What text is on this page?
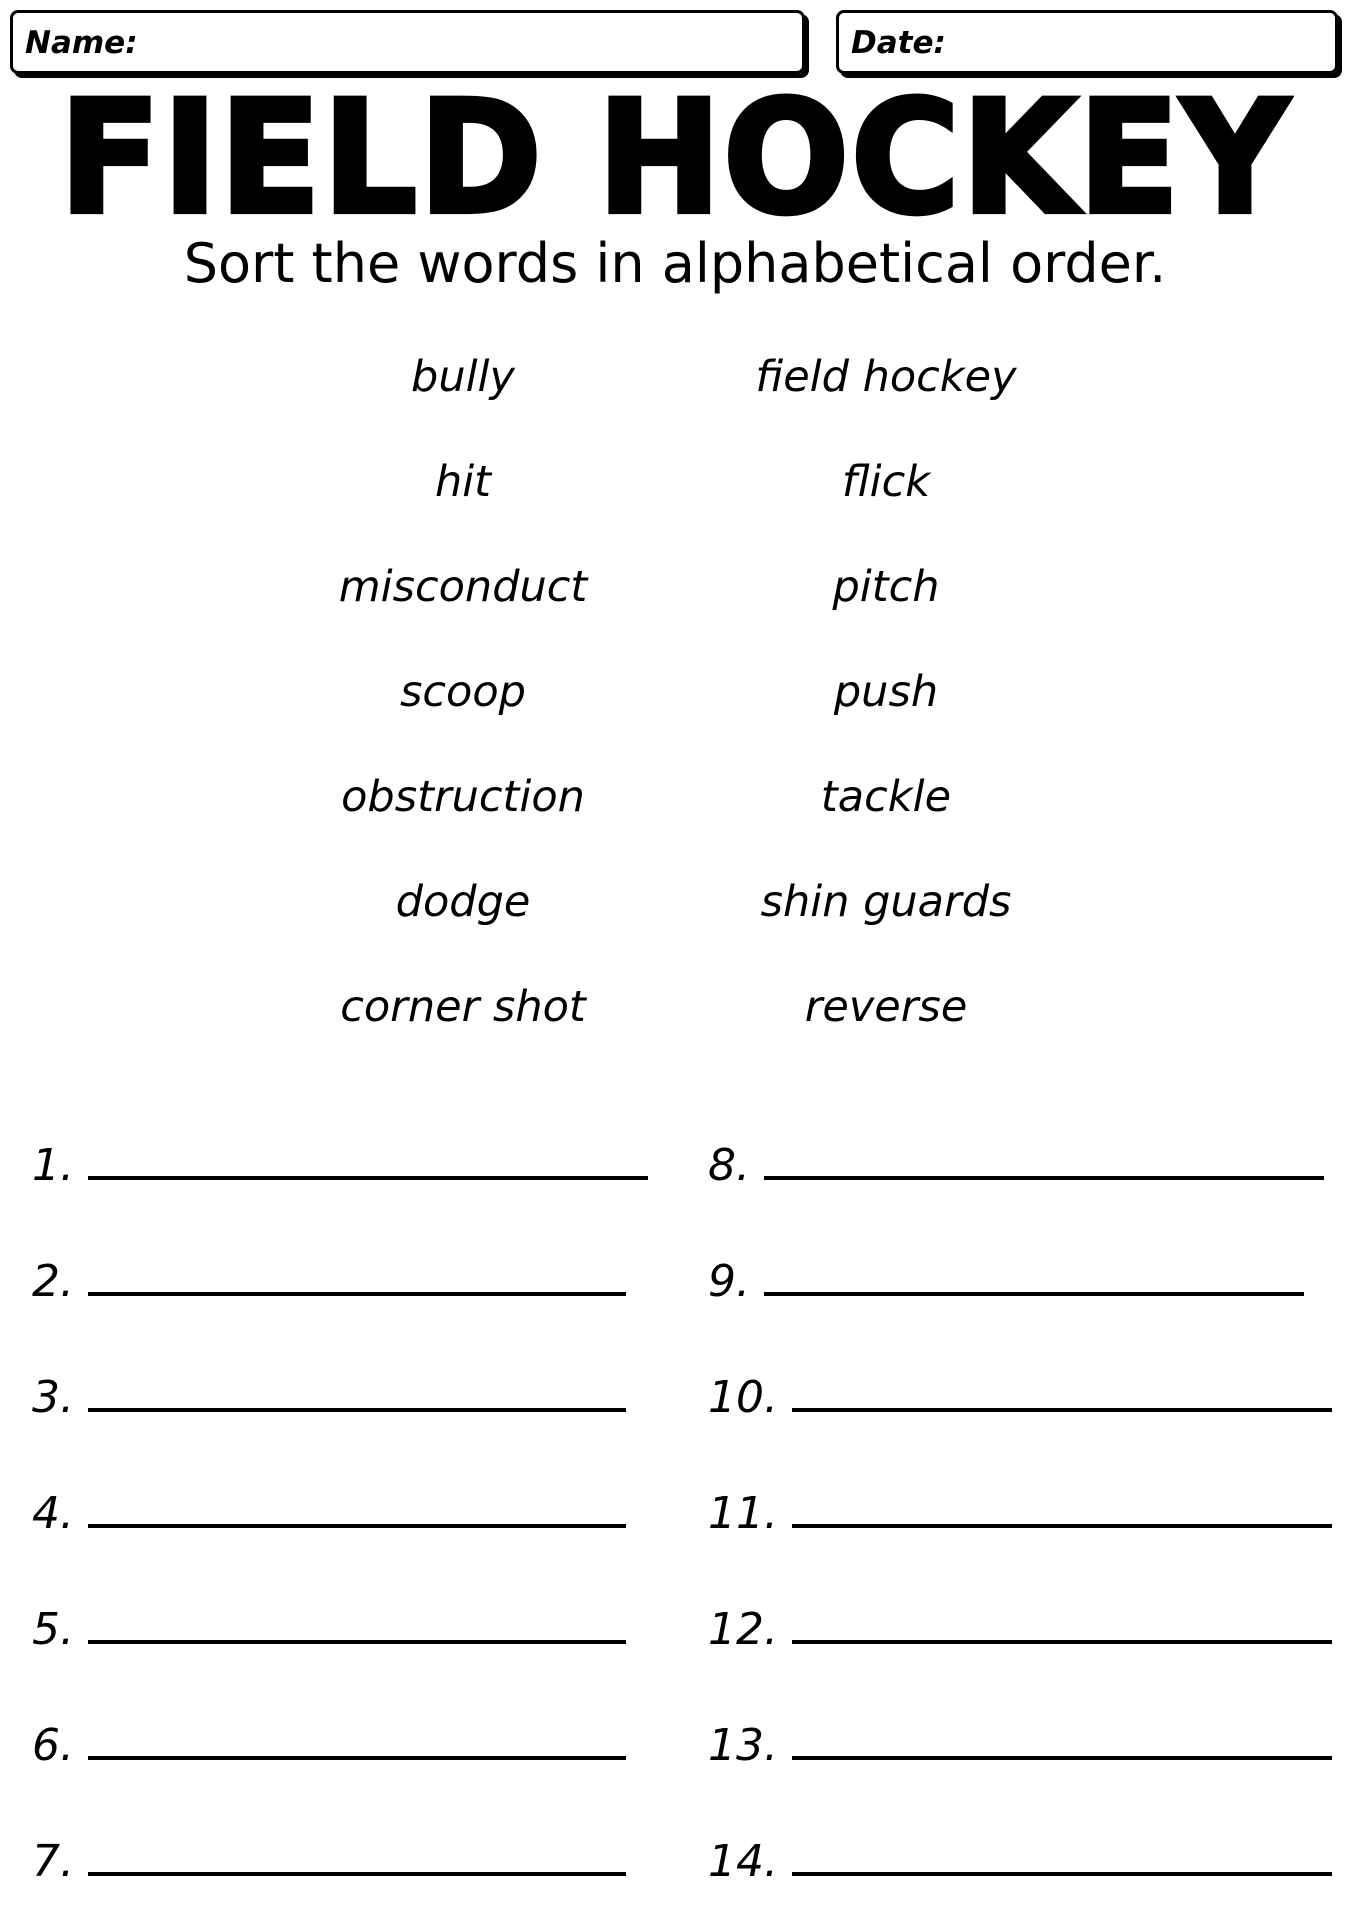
Name:	Date:
FIELD HOCKEY
Sort the words in alphabetical order.
bully
hit
misconduct
scoop
obstruction
dodge
corner shot
field hockey
flick
pitch
push
tackle
shin guards
reverse
1.
2.
3.
4.
5.
6.
7.
8.
9.
10.
11.
12.
13.
14.
